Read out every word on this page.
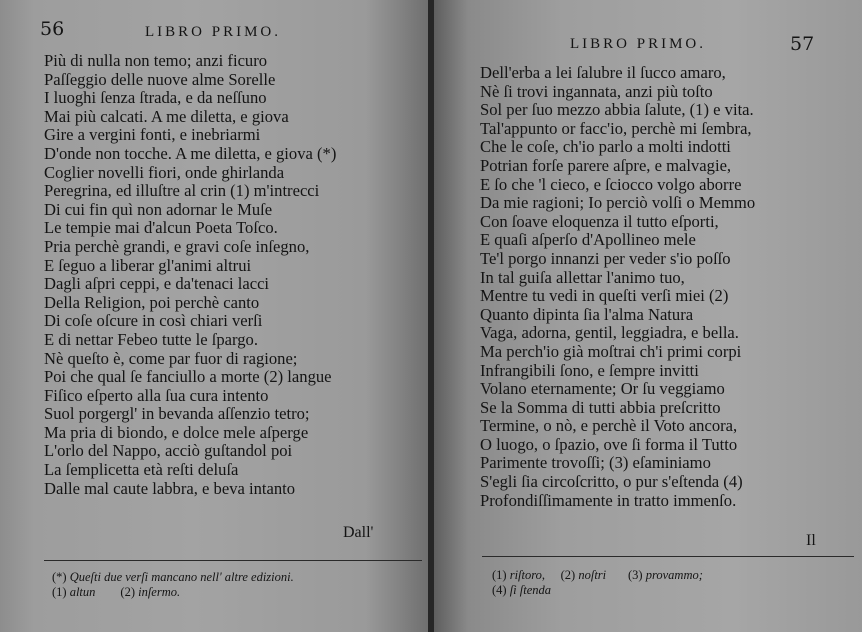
56	LIBRO PRIMO.
Più di nulla non temo; anzi ficuro
Paſſeggio delle nuove alme Sorelle
I luoghi ſenza ſtrada, e da neſſuno
Mai più calcati. A me diletta, e giova
Gire a vergini fonti, e inebriarmi
D'onde non tocche. A me diletta, e giova (*)
Coglier novelli fiori, onde ghirlanda
Peregrina, ed illuſtre al crin (1) m'intrecci
Di cui fin quì non adornar le Muſe
Le tempie mai d'alcun Poeta Toſco.
Pria perchè grandi, e gravi coſe inſegno,
E ſeguo a liberar gl'animi altrui
Dagli aſpri ceppi, e da'tenaci lacci
Della Religion, poi perchè canto
Di coſe oſcure in così chiari verſi
E di nettar Febeo tutte le ſpargo.
Nè queſto è, come par fuor di ragione;
Poi che qual ſe fanciullo a morte (2) langue
Fiſico eſperto alla ſua cura intento
Suol porgergl' in bevanda aſſenzio tetro;
Ma pria di biondo, e dolce mele aſperge
L'orlo del Nappo, acciò guſtandol poi
La ſemplicetta età reſti deluſa
Dalle mal caute labbra, e beva intanto
Dall'
(*) Queſti due verſi mancano nell' altre edizioni.
(1) altun (2) inſermo.
LIBRO PRIMO.	57
Dell'erba a lei ſalubre il ſucco amaro,
Nè ſi trovi ingannata, anzi più toſto
Sol per ſuo mezzo abbia ſalute, (1) e vita.
Tal'appunto or facc'io, perchè mi ſembra,
Che le coſe, ch'io parlo a molti indotti
Potrian forſe parere aſpre, e malvagie,
E ſo che 'l cieco, e ſciocco volgo aborre
Da mie ragioni; Io perciò volſi o Memmo
Con ſoave eloquenza il tutto eſporti,
E quaſi aſperſo d'Apollineo mele
Te'l porgo innanzi per veder s'io poſſo
In tal guiſa allettar l'animo tuo,
Mentre tu vedi in queſti verſi miei (2)
Quanto dipinta ſia l'alma Natura
Vaga, adorna, gentil, leggiadra, e bella.
Ma perch'io già moſtrai ch'i primi corpi
Infrangibili ſono, e ſempre invitti
Volano eternamente; Or ſu veggiamo
Se la Somma di tutti abbia preſcritto
Termine, o nò, e perchè il Voto ancora,
O luogo, o ſpazio, ove ſi forma il Tutto
Parimente trovoſſi; (3) eſaminiamo
S'egli ſia circoſcritto, o pur s'eſtenda (4)
Profondiſſimamente in tratto immenſo.
Il
(1) riſtoro,     (2) noſtri (3) provammo;
(4) ſi ſtenda
